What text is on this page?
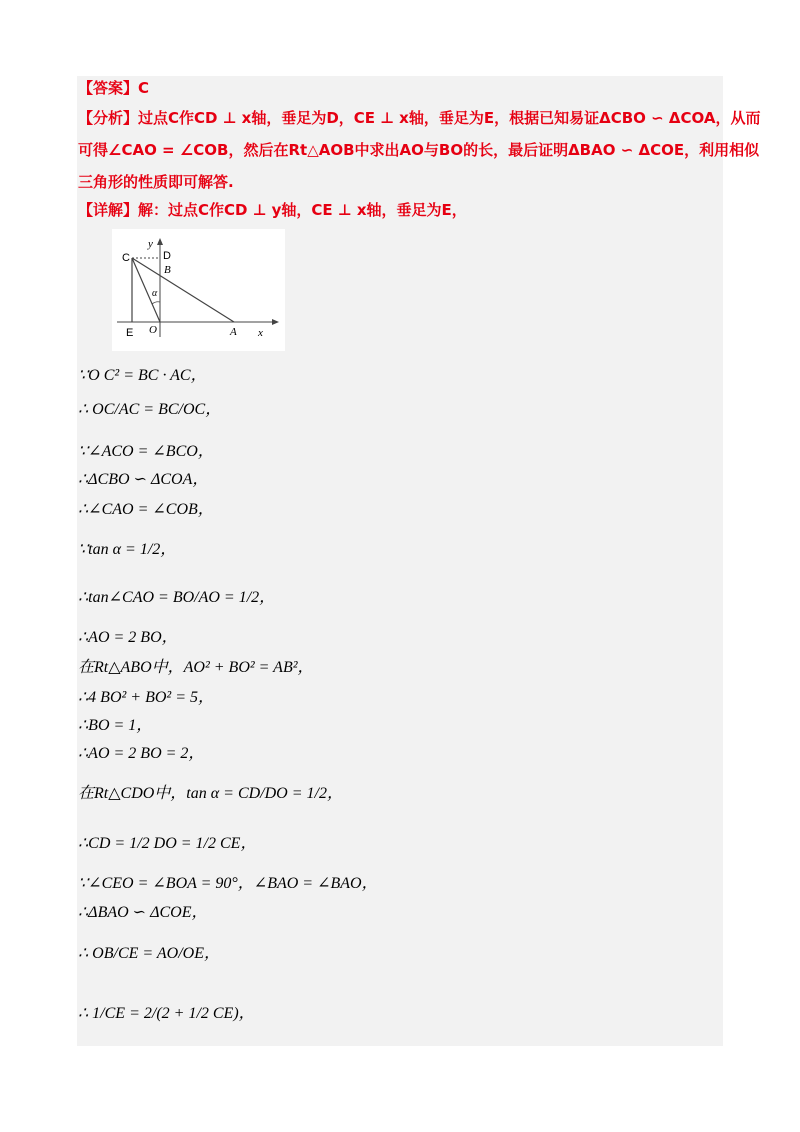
【答案】C
【分析】过点C作CD ⊥ x轴，垂足为D，CE ⊥ x轴，垂足为E，根据已知易证ΔCBO ∽ ΔCOA，从而
可得∠CAO = ∠COB，然后在Rt△AOB中求出AO与BO的长，最后证明ΔBAO ∽ ΔCOE，利用相似
三角形的性质即可解答.
【详解】解：过点C作CD ⊥ y轴，CE ⊥ x轴，垂足为E，
C	D
B
y
α
E O	A x
∵O C² = BC · AC，
∴ OC/AC = BC/OC，
∵∠ACO = ∠BCO，
∴ΔCBO ∽ ΔCOA，
∴∠CAO = ∠COB，
∵tan α = 1/2，
∴tan∠CAO = BO/AO = 1/2，
∴AO = 2 BO，
在Rt△ABO中，AO² + BO² = AB²，
∴4 BO² + BO² = 5，
∴BO = 1，
∴AO = 2 BO = 2，
在Rt△CDO中，tan α = CD/DO = 1/2，
∴CD = 1/2 DO = 1/2 CE，
∵∠CEO = ∠BOA = 90°，∠BAO = ∠BAO，
∴ΔBAO ∽ ΔCOE，
∴ OB/CE = AO/OE，
∴ 1/CE = 2/(2 + 1/2 CE)，
